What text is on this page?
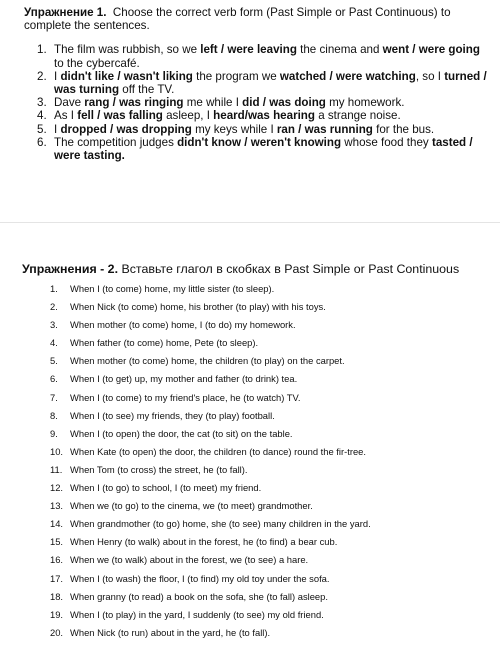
Упражнение 1. Choose the correct verb form (Past Simple or Past Continuous) to complete the sentences.

1. The film was rubbish, so we left / were leaving the cinema and went / were going to the cybercafé.
2. I didn't like / wasn't liking the program we watched / were watching, so I turned / was turning off the TV.
3. Dave rang / was ringing me while I did / was doing my homework.
4. As I fell / was falling asleep, I heard/was hearing a strange noise.
5. I dropped / was dropping my keys while I ran / was running for the bus.
6. The competition judges didn't know / weren't knowing whose food they tasted / were tasting.

Упражнения - 2. Вставьте глагол в скобках в Past Simple or Past Continuous

1.	When I (to come) home, my little sister (to sleep).
2.	When Nick (to come) home, his brother (to play) with his toys.
3.	When mother (to come) home, I (to do) my homework.
4.	When father (to come) home, Pete (to sleep).
5.	When mother (to come) home, the children (to play) on the carpet.
6.	When I (to get) up, my mother and father (to drink) tea.
7.	When I (to come) to my friend's place, he (to watch) TV.
8.	When I (to see) my friends, they (to play) football.
9.	When I (to open) the door, the cat (to sit) on the table.
10. When Kate (to open) the door, the children (to dance) round the fir-tree.
11. When Tom (to cross) the street, he (to fall).
12. When I (to go) to school, I (to meet) my friend.
13. When we (to go) to the cinema, we (to meet) grandmother.
14. When grandmother (to go) home, she (to see) many children in the yard.
15. When Henry (to walk) about in the forest, he (to find) a bear cub.
16. When we (to walk) about in the forest, we (to see) a hare.
17. When I (to wash) the floor, I (to find) my old toy under the sofa.
18. When granny (to read) a book on the sofa, she (to fall) asleep.
19. When I (to play) in the yard, I suddenly (to see) my old friend.
20. When Nick (to run) about in the yard, he (to fall).
